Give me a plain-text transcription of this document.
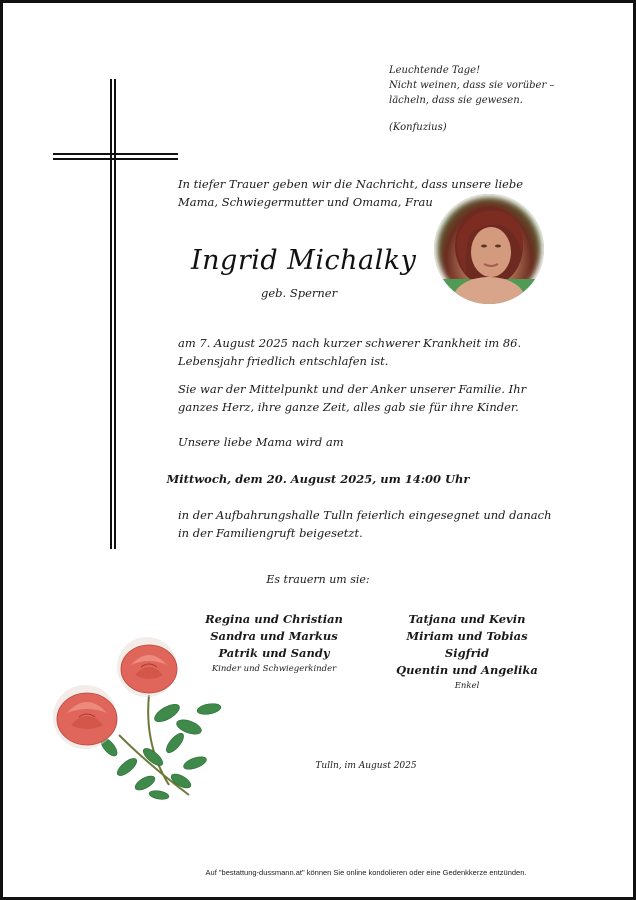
Leuchtende Tage!
Nicht weinen, dass sie vorüber –
lächeln, dass sie gewesen.
(Konfuzius)
In tiefer Trauer geben wir die Nachricht, dass unsere liebe
Mama, Schwiegermutter und Omama, Frau
Ingrid Michalky
geb. Sperner
am 7. August 2025 nach kurzer schwerer Krankheit im 86.
Lebensjahr friedlich entschlafen ist.
Sie war der Mittelpunkt und der Anker unserer Familie. Ihr
ganzes Herz, ihre ganze Zeit, alles gab sie für ihre Kinder.
Unsere liebe Mama wird am
Mittwoch, dem 20. August 2025, um 14:00 Uhr
in der Aufbahrungshalle Tulln feierlich eingesegnet und danach
in der Familiengruft beigesetzt.
Es trauern um sie:
Regina und Christian
Sandra und Markus
Patrik und Sandy
Kinder und Schwiegerkinder
Tatjana und Kevin
Miriam und Tobias
Sigfrid
Quentin und Angelika
Enkel
Tulln, im August 2025
Auf "bestattung-dussmann.at" können Sie online kondolieren oder eine Gedenkkerze entzünden.
